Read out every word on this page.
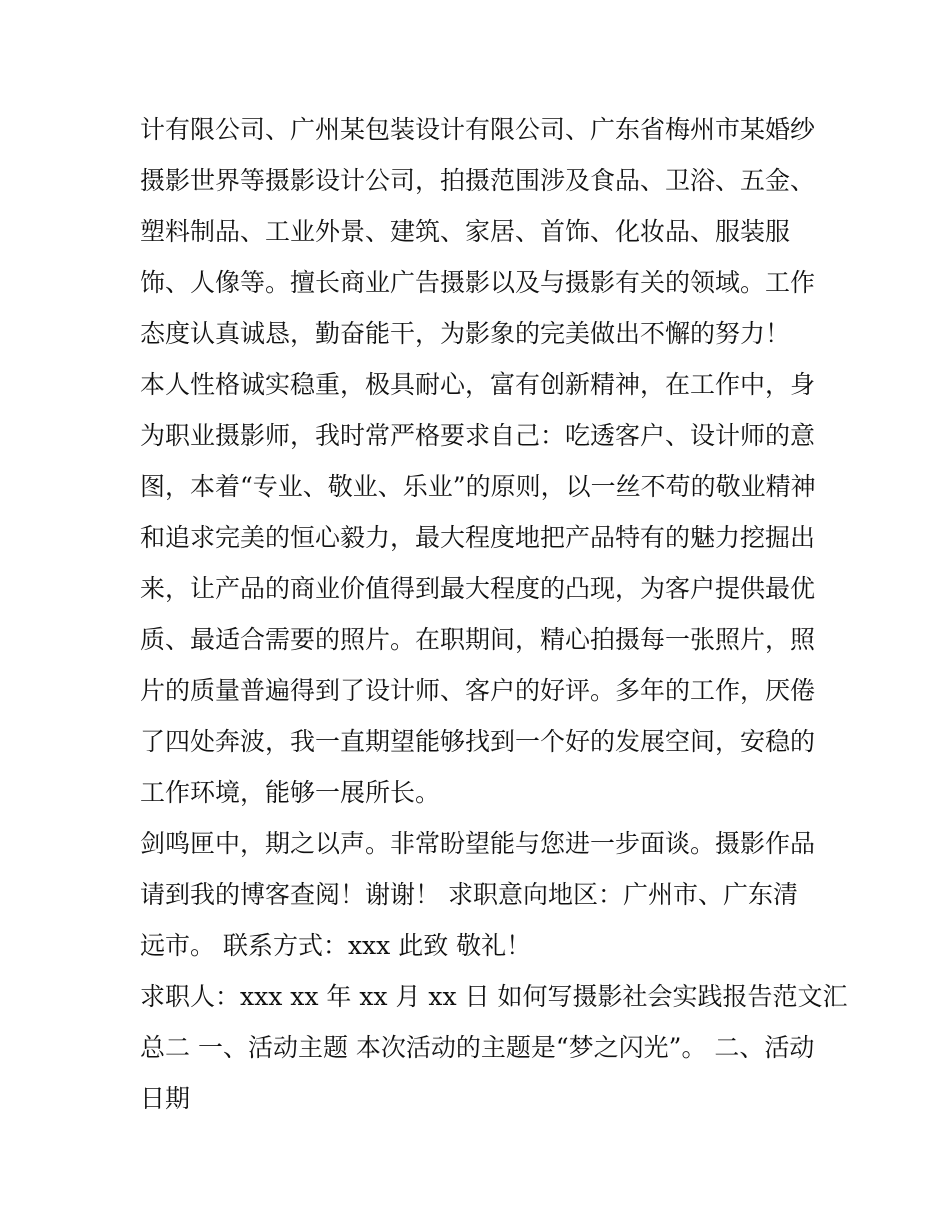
计有限公司、广州某包装设计有限公司、广东省梅州市某婚纱
摄影世界等摄影设计公司，拍摄范围涉及食品、卫浴、五金、
塑料制品、工业外景、建筑、家居、首饰、化妆品、服装服
饰、人像等。擅长商业广告摄影以及与摄影有关的领域。工作
态度认真诚恳，勤奋能干，为影象的完美做出不懈的努力！
本人性格诚实稳重，极具耐心，富有创新精神，在工作中，身
为职业摄影师，我时常严格要求自己：吃透客户、设计师的意
图，本着“专业、敬业、乐业”的原则，以一丝不苟的敬业精神
和追求完美的恒心毅力，最大程度地把产品特有的魅力挖掘出
来，让产品的商业价值得到最大程度的凸现，为客户提供最优
质、最适合需要的照片。在职期间，精心拍摄每一张照片，照
片的质量普遍得到了设计师、客户的好评。多年的工作，厌倦
了四处奔波，我一直期望能够找到一个好的发展空间，安稳的
工作环境，能够一展所长。
剑鸣匣中，期之以声。非常盼望能与您进一步面谈。摄影作品
请到我的博客查阅！谢谢！ 求职意向地区：广州市、广东清
远市。 联系方式：xxx 此致 敬礼！
求职人：xxx xx 年 xx 月 xx 日 如何写摄影社会实践报告范文汇
总二 一、活动主题 本次活动的主题是“梦之闪光”。 二、活动
日期
